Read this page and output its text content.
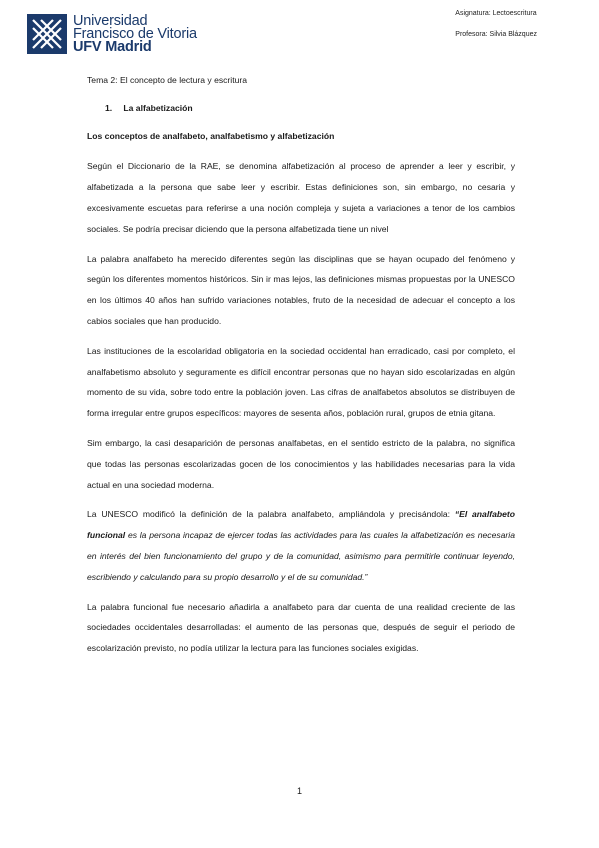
Universidad
Francisco de Vitoria
UFV Madrid
Asignatura: Lectoescritura
Profesora: Silvia Blázquez

Tema 2: El concepto de lectura y escritura

1. La alfabetización

Los conceptos de analfabeto, analfabetismo y alfabetización

Según el Diccionario de la RAE, se denomina alfabetización al proceso de aprender a leer y escribir, y alfabetizada a la persona que sabe leer y escribir. Estas definiciones son, sin embargo, no cesaria y excesivamente escuetas para referirse a una noción compleja y sujeta a variaciones a tenor de los cambios sociales. Se podría precisar diciendo que la persona alfabetizada tiene un nivel

La palabra analfabeto ha merecido diferentes según las disciplinas que se hayan ocupado del fenómeno y según los diferentes momentos históricos. Sin ir mas lejos, las definiciones mismas propuestas por la UNESCO en los últimos 40 años han sufrido variaciones notables, fruto de la necesidad de adecuar el concepto a los cabios sociales que han producido.

Las instituciones de la escolaridad obligatoria en la sociedad occidental han erradicado, casi por completo, el analfabetismo absoluto y seguramente es difícil encontrar personas que no hayan sido escolarizadas en algún momento de su vida, sobre todo entre la población joven. Las cifras de analfabetos absolutos se distribuyen de forma irregular entre grupos específicos: mayores de sesenta años, población rural, grupos de etnia gitana.

Sim embargo, la casi desaparición de personas analfabetas, en el sentido estricto de la palabra, no significa que todas las personas escolarizadas gocen de los conocimientos y las habilidades necesarias para la vida actual en una sociedad moderna.

La UNESCO modificó la definición de la palabra analfabeto, ampliándola y precisándola: “El analfabeto funcional es la persona incapaz de ejercer todas las actividades para las cuales la alfabetización es necesaria en interés del bien funcionamiento del grupo y de la comunidad, asimismo para permitirle continuar leyendo, escribiendo y calculando para su propio desarrollo y el de su comunidad.”

La palabra funcional fue necesario añadirla a analfabeto para dar cuenta de una realidad creciente de las sociedades occidentales desarrolladas: el aumento de las personas que, después de seguir el periodo de escolarización previsto, no podía utilizar la lectura para las funciones sociales exigidas.

1
